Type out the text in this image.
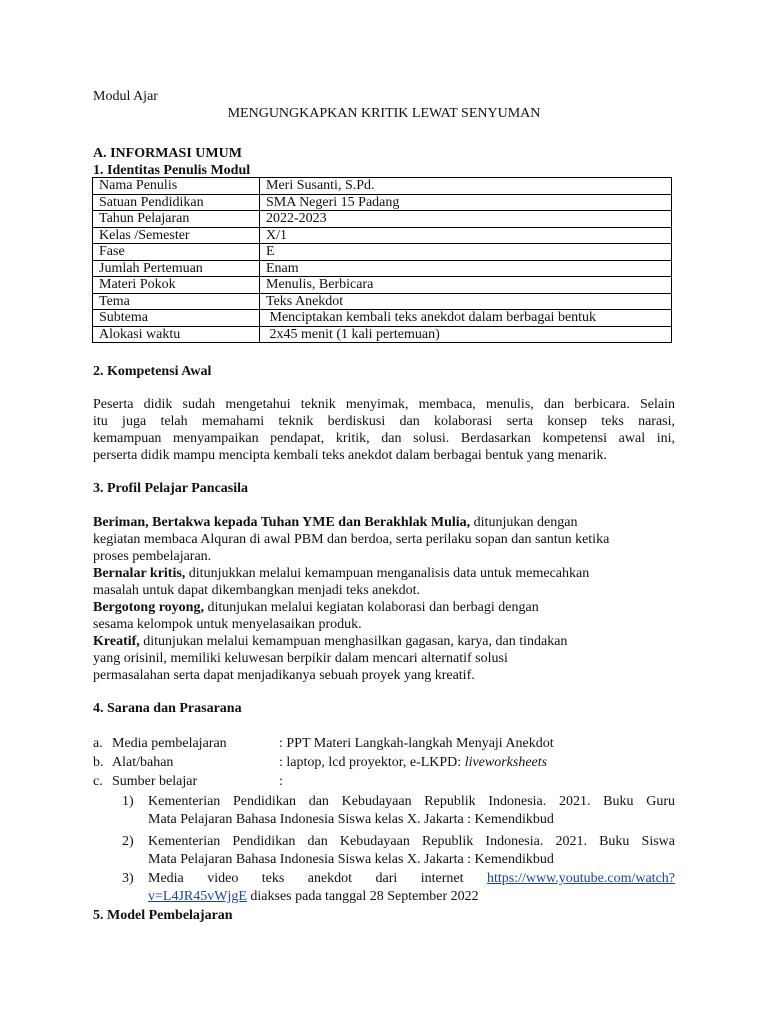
Modul Ajar
MENGUNGKAPKAN KRITIK LEWAT SENYUMAN
A. INFORMASI UMUM
1. Identitas Penulis Modul
Nama Penulis	Meri Susanti, S.Pd.
Satuan Pendidikan	SMA Negeri 15 Padang
Tahun Pelajaran	2022-2023
Kelas /Semester	X/1
Fase	E
Jumlah Pertemuan	Enam
Materi Pokok	Menulis, Berbicara
Tema	Teks Anekdot
Subtema	Menciptakan kembali teks anekdot dalam berbagai bentuk
Alokasi waktu	2x45 menit (1 kali pertemuan)
2. Kompetensi Awal
Peserta didik sudah mengetahui teknik menyimak, membaca, menulis, dan berbicara. Selain
itu juga telah memahami teknik berdiskusi dan kolaborasi serta konsep teks narasi,
kemampuan menyampaikan pendapat, kritik, dan solusi. Berdasarkan kompetensi awal ini,
perserta didik mampu mencipta kembali teks anekdot dalam berbagai bentuk yang menarik.
3. Profil Pelajar Pancasila
Beriman, Bertakwa kepada Tuhan YME dan Berakhlak Mulia, ditunjukan dengan
kegiatan membaca Alquran di awal PBM dan berdoa, serta perilaku sopan dan santun ketika
proses pembelajaran.
Bernalar kritis, ditunjukkan melalui kemampuan menganalisis data untuk memecahkan
masalah untuk dapat dikembangkan menjadi teks anekdot.
Bergotong royong, ditunjukan melalui kegiatan kolaborasi dan berbagi dengan
sesama kelompok untuk menyelasaikan produk.
Kreatif, ditunjukan melalui kemampuan menghasilkan gagasan, karya, dan tindakan
yang orisinil, memiliki keluwesan berpikir dalam mencari alternatif solusi
permasalahan serta dapat menjadikanya sebuah proyek yang kreatif.
4. Sarana dan Prasarana
a. Media pembelajaran	: PPT Materi Langkah-langkah Menyaji Anekdot
b. Alat/bahan	: laptop, lcd proyektor, e-LKPD: liveworksheets
c. Sumber belajar	:
1)	Kementerian Pendidikan dan Kebudayaan Republik Indonesia. 2021. Buku Guru
Mata Pelajaran Bahasa Indonesia Siswa kelas X. Jakarta : Kemendikbud
2)	Kementerian Pendidikan dan Kebudayaan Republik Indonesia. 2021. Buku Siswa
Mata Pelajaran Bahasa Indonesia Siswa kelas X. Jakarta : Kemendikbud
3)	Media video teks anekdot dari internet https://www.youtube.com/watch?
v=L4JR45vWjgE diakses pada tanggal 28 September 2022
5. Model Pembelajaran
